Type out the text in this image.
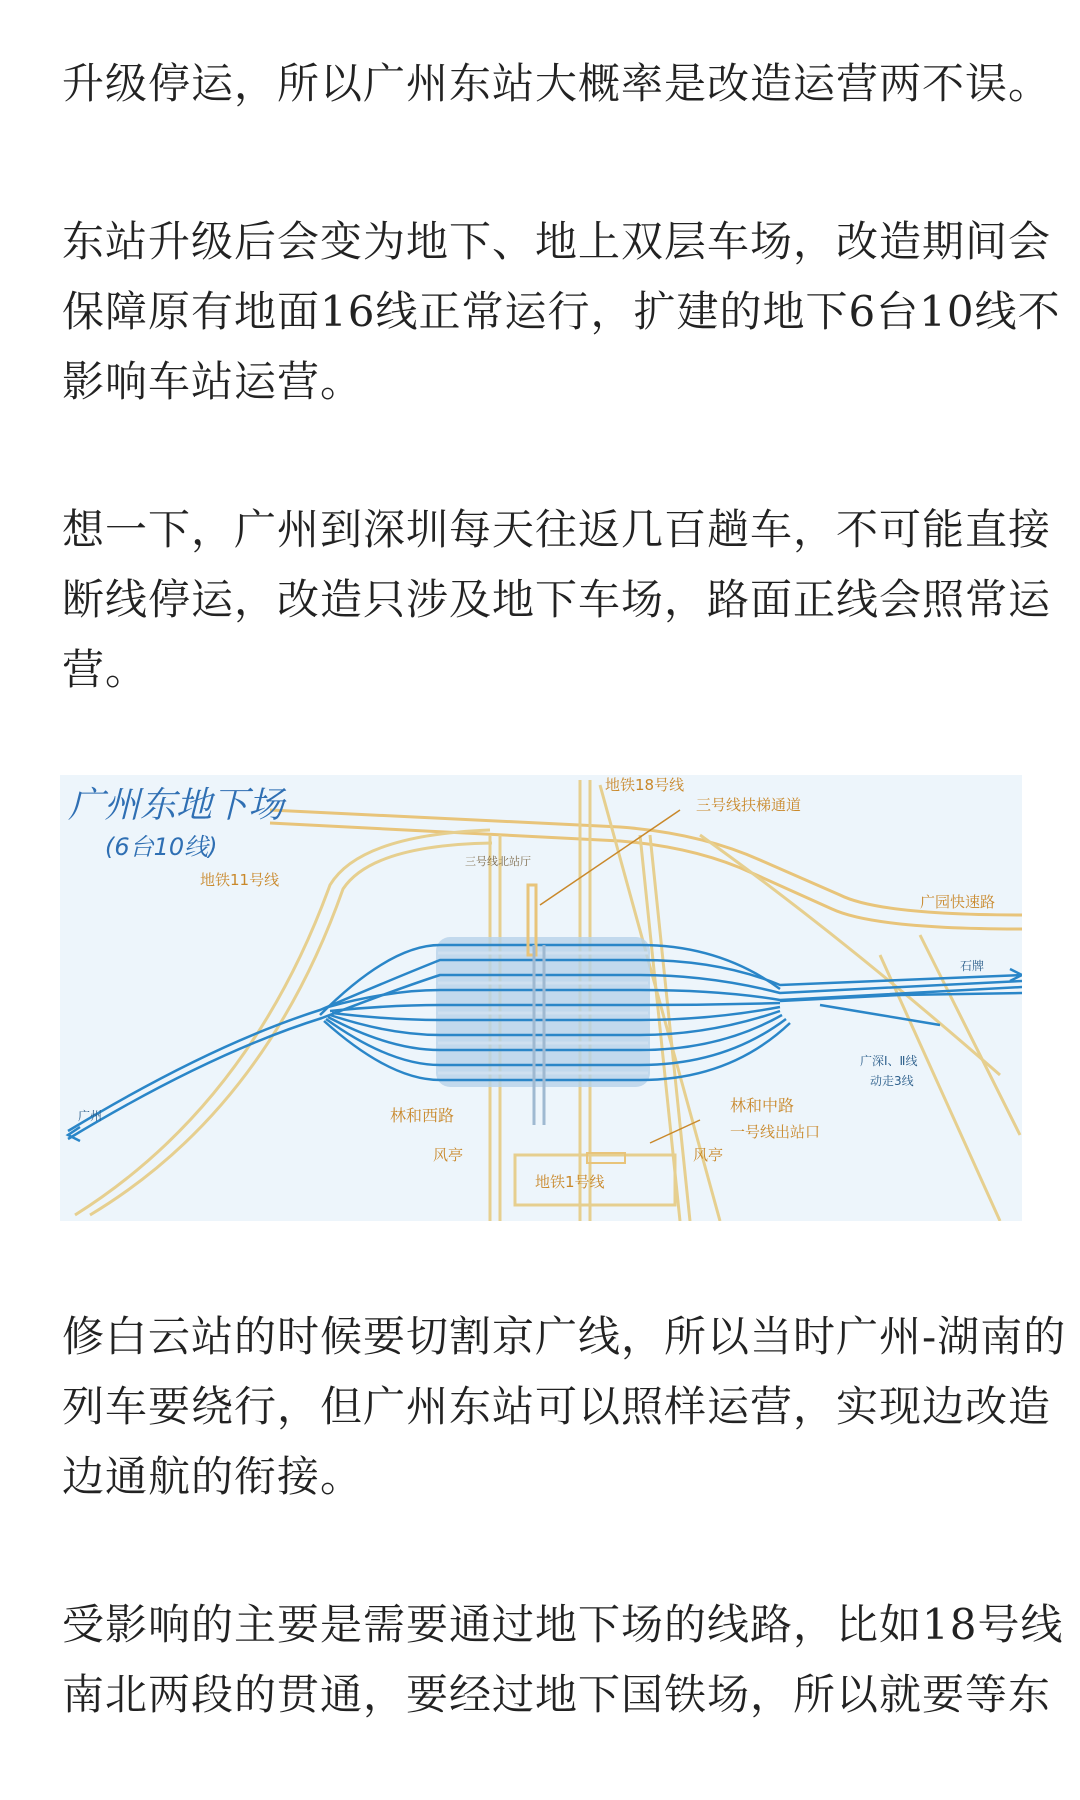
升级停运，所以广州东站大概率是改造运营两不误。

东站升级后会变为地下、地上双层车场，改造期间会
保障原有地面16线正常运行，扩建的地下6台10线不
影响车站运营。

想一下，广州到深圳每天往返几百趟车，不可能直接
断线停运，改造只涉及地下车场，路面正线会照常运
营。

广州东地下场
(6台10线)
地铁18号线
三号线扶梯通道
三号线北站厅
地铁11号线
广园快速路
石牌
广州
广深Ⅰ、Ⅱ线
动走3线
林和西路
林和中路
一号线出站口
风亭	风亭
地铁1号线

修白云站的时候要切割京广线，所以当时广州-湖南的
列车要绕行，但广州东站可以照样运营，实现边改造
边通航的衔接。

受影响的主要是需要通过地下场的线路，比如18号线
南北两段的贯通，要经过地下国铁场，所以就要等东
